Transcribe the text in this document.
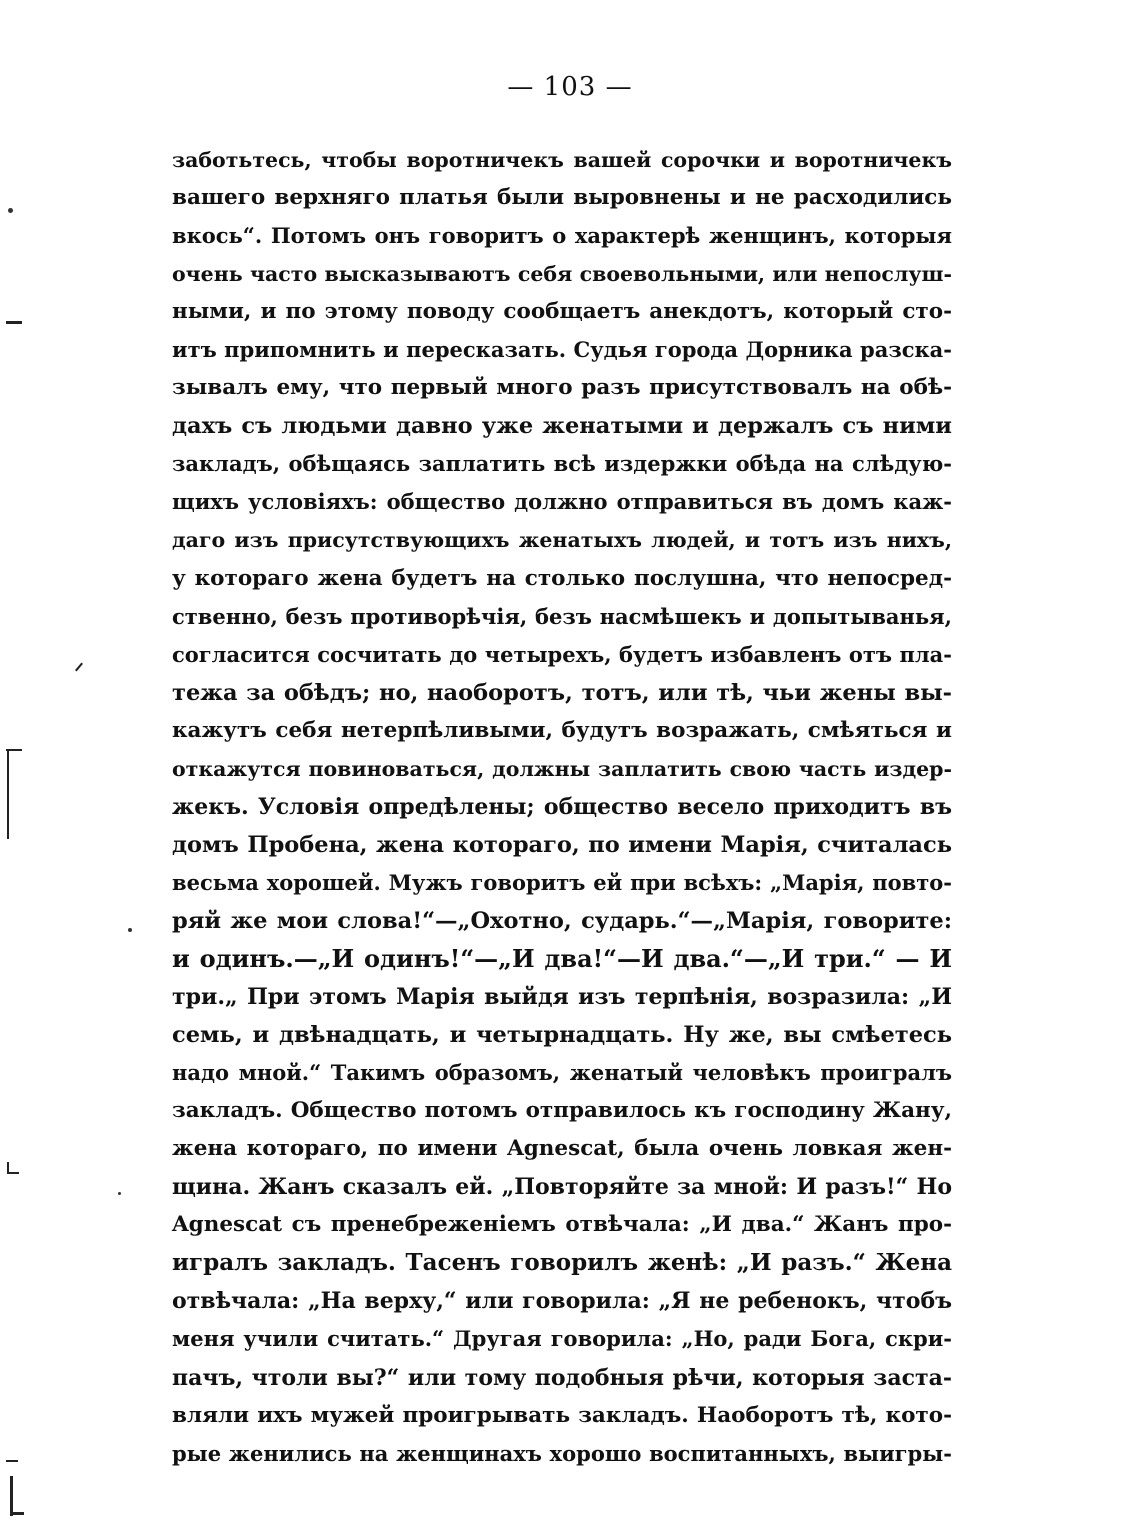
— 103 —
заботьтесь, чтобы воротничекъ вашей сорочки и воротничекъ
вашего верхняго платья были выровнены и не расходились
вкось“. Потомъ онъ говоритъ о характерѣ женщинъ, которыя
очень часто высказываютъ себя своевольными, или непослуш-
ными, и по этому поводу сообщаетъ анекдотъ, который сто-
итъ припомнить и пересказать. Судья города Дорника разска-
зывалъ ему, что первый много разъ присутствовалъ на обѣ-
дахъ съ людьми давно уже женатыми и держалъ съ ними
закладъ, обѣщаясь заплатить всѣ издержки обѣда на слѣдую-
щихъ условіяхъ: общество должно отправиться въ домъ каж-
даго изъ присутствующихъ женатыхъ людей, и тотъ изъ нихъ,
у котораго жена будетъ на столько послушна, что непосред-
ственно, безъ противорѣчія, безъ насмѣшекъ и допытыванья,
согласится сосчитать до четырехъ, будетъ избавленъ отъ пла-
тежа за обѣдъ; но, наоборотъ, тотъ, или тѣ, чьи жены вы-
кажутъ себя нетерпѣливыми, будутъ возражать, смѣяться и
откажутся повиноваться, должны заплатить свою часть издер-
жекъ. Условія опредѣлены; общество весело приходитъ въ
домъ Пробена, жена котораго, по имени Марія, считалась
весьма хорошей. Мужъ говоритъ ей при всѣхъ: „Марія, повто-
ряй же мои слова!“—„Охотно, сударь.“—„Марія, говорите:
и одинъ.—„И одинъ!“—„И два!“—И два.“—„И три.“ — И
три.„ При этомъ Марія выйдя изъ терпѣнія, возразила: „И
семь, и двѣнадцать, и четырнадцать. Ну же, вы смѣетесь
надо мной.“ Такимъ образомъ, женатый человѣкъ проигралъ
закладъ. Общество потомъ отправилось къ господину Жану,
жена котораго, по имени Agnescat, была очень ловкая жен-
щина. Жанъ сказалъ ей. „Повторяйте за мной: И разъ!“ Но
Agnescat съ пренебреженіемъ отвѣчала: „И два.“ Жанъ про-
игралъ закладъ. Тасенъ говорилъ женѣ: „И разъ.“ Жена
отвѣчала: „На верху,“ или говорила: „Я не ребенокъ, чтобъ
меня учили считать.“ Другая говорила: „Но, ради Бога, скри-
пачъ, чтоли вы?“ или тому подобныя рѣчи, которыя заста-
вляли ихъ мужей проигрывать закладъ. Наоборотъ тѣ, кото-
рые женились на женщинахъ хорошо воспитанныхъ, выигры-
